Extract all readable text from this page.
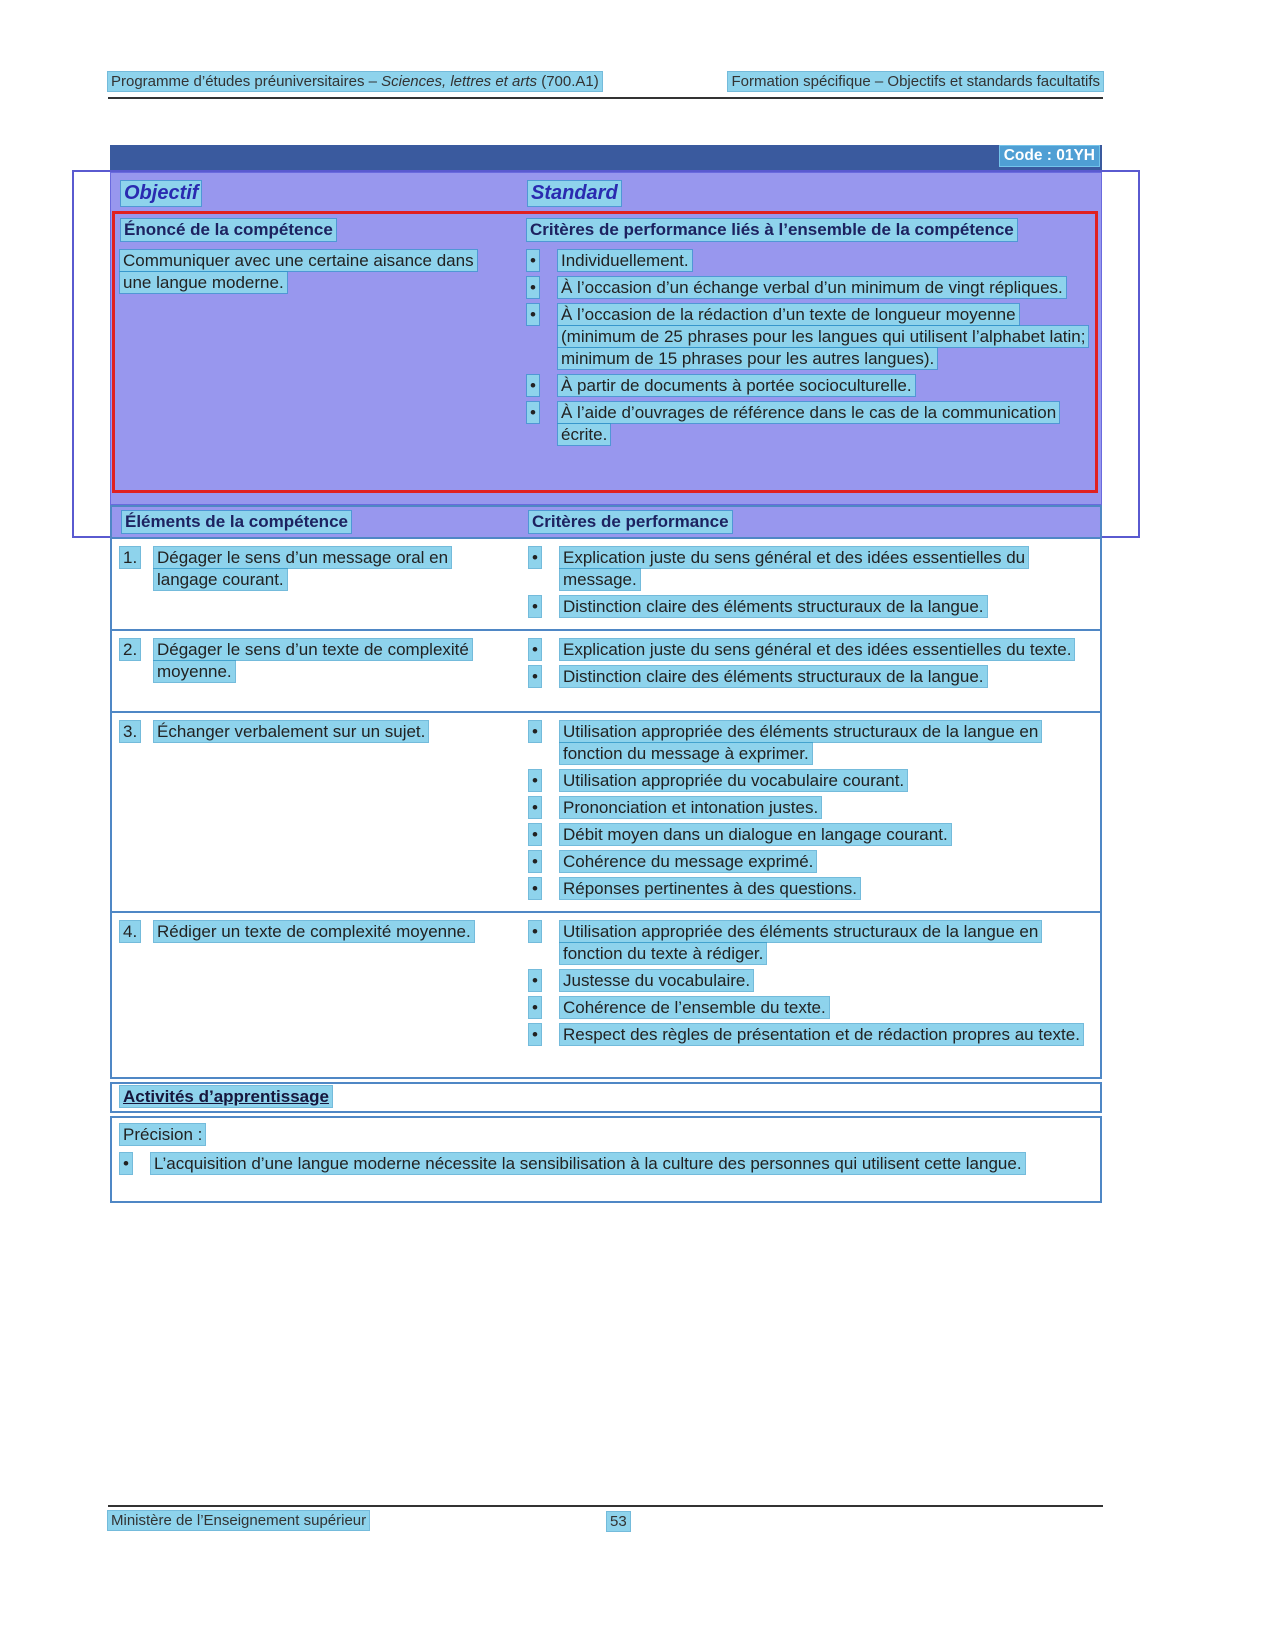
Programme d’études préuniversitaires – Sciences, lettres et arts (700.A1)	Formation spécifique – Objectifs et standards facultatifs
Code : 01YH
Objectif	Standard
Énoncé de la compétence	Critères de performance liés à l’ensemble de la compétence
Communiquer avec une certaine aisance dans une langue moderne.
•	Individuellement.
•	À l’occasion d’un échange verbal d’un minimum de vingt répliques.
•	À l’occasion de la rédaction d’un texte de longueur moyenne (minimum de 25 phrases pour les langues qui utilisent l’alphabet latin; minimum de 15 phrases pour les autres langues).
•	À partir de documents à portée socioculturelle.
•	À l’aide d’ouvrages de référence dans le cas de la communication écrite.
Éléments de la compétence	Critères de performance
1.	Dégager le sens d’un message oral en langage courant.
•	Explication juste du sens général et des idées essentielles du message.
•	Distinction claire des éléments structuraux de la langue.
2.	Dégager le sens d’un texte de complexité moyenne.
•	Explication juste du sens général et des idées essentielles du texte.
•	Distinction claire des éléments structuraux de la langue.
3.	Échanger verbalement sur un sujet.	•	Utilisation appropriée des éléments structuraux de la langue en fonction du message à exprimer.
•	Utilisation appropriée du vocabulaire courant.
•	Prononciation et intonation justes.
•	Débit moyen dans un dialogue en langage courant.
•	Cohérence du message exprimé.
•	Réponses pertinentes à des questions.
4.	Rédiger un texte de complexité moyenne.	•	Utilisation appropriée des éléments structuraux de la langue en fonction du texte à rédiger.
•	Justesse du vocabulaire.
•	Cohérence de l’ensemble du texte.
•	Respect des règles de présentation et de rédaction propres au texte.
Activités d’apprentissage
Précision :
•	L’acquisition d’une langue moderne nécessite la sensibilisation à la culture des personnes qui utilisent cette langue.
Ministère de l’Enseignement supérieur	53
